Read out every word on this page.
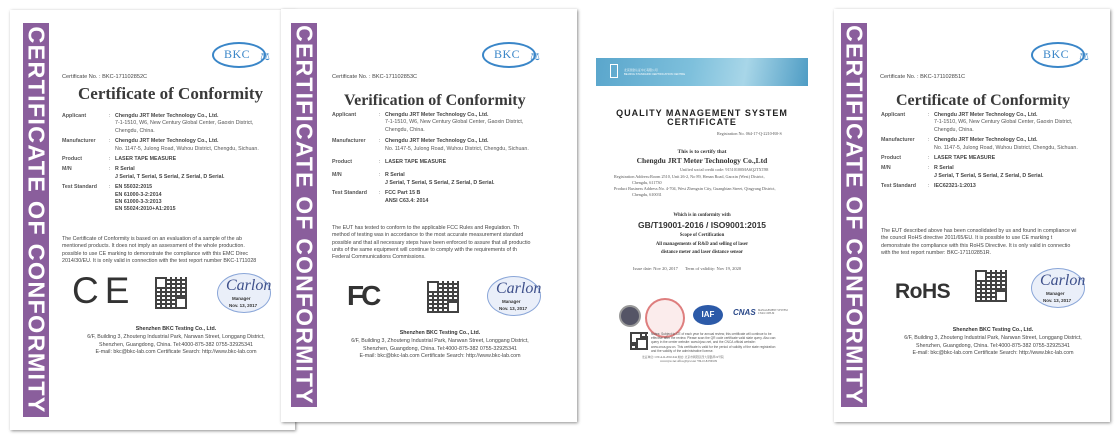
CERTIFICATE OF CONFORMITY	BKC ⚖
Certificate No. : BKC-171102852C
Certificate of Conformity
Applicant	: Chengdu JRT Meter Technology Co., Ltd.
7-1-1510, W6, New Century Global Center, Gaoxin District,
Chengdu, China.
Manufacturer	: Chengdu JRT Meter Technology Co., Ltd.
No. 1147-5, Julong Road, Wuhou District, Chengdu, Sichuan.
Product	: LASER TAPE MEASURE
M/N	: R Serial
J Serial, T Serial, S Serial, Z Serial, D Serial.
Test Standard	: EN 55032:2015
EN 61000-3-2:2014
EN 61000-3-3:2013
EN 55024:2010+A1:2015
The Certificate of Conformity is based on an evaluation of a sample of the ab
mentioned products. It does not imply an assessment of the whole production.
possible to use CE marking to demonstrate the compliance with this EMC Direc
2014/30/EU. It is only valid in connection with the test report number BKC-1711028
CE	Carlon
Manager
Nov. 13, 2017
Shenzhen BKC Testing Co., Ltd.
6/F, Building 3, Zhouteng Industrial Park, Nanwan Street, Longgang District,
Shenzhen, Guangdong, China. Tel:4000-875-382 0755-32925341
E-mail: bkc@bkc-lab.com Certificate Search: http://www.bkc-lab.com	CERTIFICATE OF CONFORMITY	BKC ⚖
Certificate No. : BKC-171102853C
Verification of Conformity
Applicant	: Chengdu JRT Meter Technology Co., Ltd.
7-1-1510, W6, New Century Global Center, Gaoxin District,
Chengdu, China.
Manufacturer	: Chengdu JRT Meter Technology Co., Ltd.
No. 1147-5, Julong Road, Wuhou District, Chengdu, Sichuan.
Product	: LASER TAPE MEASURE
M/N	: R Serial
J Serial, T Serial, S Serial, Z Serial, D Serial.
Test Standard	: FCC Part 15 B
ANSI C63.4: 2014
The EUT has tested to conform to the applicable FCC Rules and Regulation. Th
method of testing was in accordance to the most accurate measurement standard
possible and that all necessary steps have been enforced to assure that all productio
units of the same equipment will continue to comply with the requirements of th
Federal Communications Commissions.
FC	Carlon
Manager
Nov. 13, 2017
Shenzhen BKC Testing Co., Ltd.
6/F, Building 3, Zhouteng Industrial Park, Nanwan Street, Longgang District,
Shenzhen, Guangdong, China. Tel:4000-875-382 0755-32925341
E-mail: bkc@bkc-lab.com Certificate Search: http://www.bkc-lab.com
北京国金认证中心有限公司
BEIJING STANDARD CERTIFICATION CENTRE
QUALITY MANAGEMENT SYSTEM
CERTIFICATE
Registration No. 064-17-Q-2210-R0-S
This is to certify that
Chengdu JRT Meter Technology Co.,Ltd
Unified social credit code: 91510100MA6Q2TXT88
Registration Address:Room 2510, Unit 26-2, No 89, Henan Road, Gaoxin (West) District,
Chengdu, 611730
Product Business Address:No. 4-704, West Zhengxin City, Guangbian Street, Qingyang District,
Chengdu, 610031
Which is in conformity with
GB/T19001-2016 / ISO9001:2015
Scope of Certification
All managements of R&D and selling of laser
distance meter and laser distance sensor
Issue date: Nov 20, 2017 Term of validity: Nov 19, 2020
IAF	CNAS MANAGEMENT SYSTEM CNAS C083-M
Notes: Subject to CE of each year for annual review, this certificate will continue to be effective after the review. Please scan the QR code certificate valid state query. Also can query in the center website: www.bjcsc.net, and the CNCA official website: www.cnca.gov.cn. This certificate is valid for the period of validity of the state registration and the validity of the administrative license.
发证单位: CNCA-R-2002-044 地址: 北京市朝阳区西大望路甲22号院
www.bjcsc.net office@bjcsc.net +86-10-84700109	CERTIFICATE OF CONFORMITY	BKC ⚖
Certificate No. : BKC-171102851C
Certificate of Conformity
Applicant	: Chengdu JRT Meter Technology Co., Ltd.
7-1-1510, W6, New Century Global Center, Gaoxin District,
Chengdu, China.
Manufacturer	: Chengdu JRT Meter Technology Co., Ltd.
No. 1147-5, Julong Road, Wuhou District, Chengdu, Sichuan.
Product	: LASER TAPE MEASURE
M/N	: R Serial
J Serial, T Serial, S Serial, Z Serial, D Serial.
Test Standard	: IEC62321-1:2013
The EUT described above has been consolidated by us and found in compliance wi
the council RoHS directive 2011/65/EU. It is possible to use CE marking t
demonstrate the compliance with this RoHS Directive. It is only valid in connectio
with the test report number: BKC-171102851R.
RoHS	Carlon
Manager
Nov. 13, 2017
Shenzhen BKC Testing Co., Ltd.
6/F, Building 3, Zhouteng Industrial Park, Nanwan Street, Longgang District,
Shenzhen, Guangdong, China. Tel:4000-875-382 0755-32925341
E-mail: bkc@bkc-lab.com Certificate Search: http://www.bkc-lab.com
